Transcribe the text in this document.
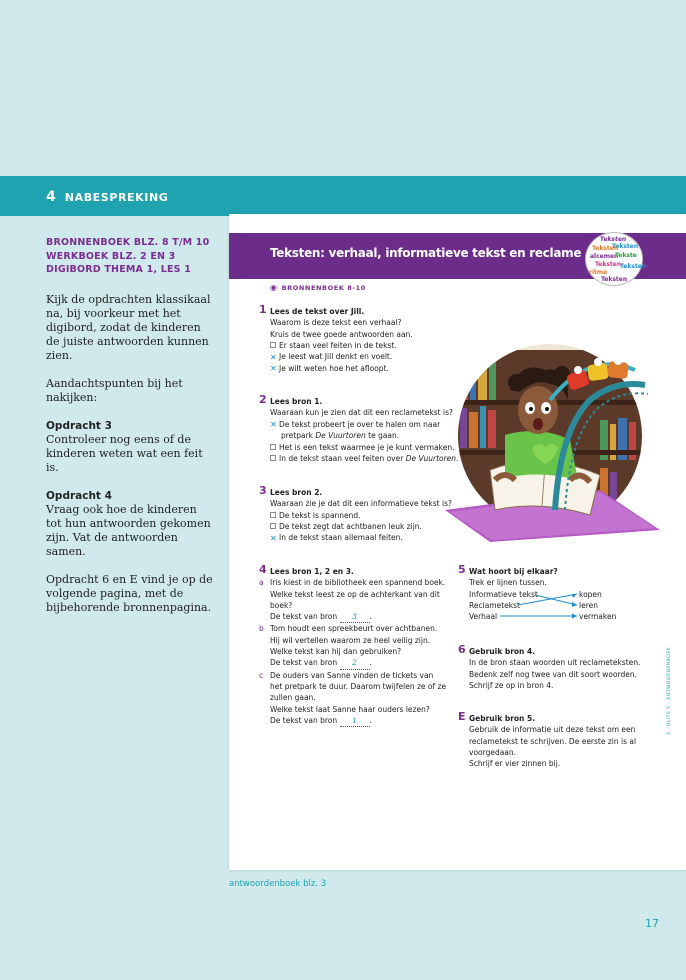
4 NABESPREKING
BRONNENBOEK BLZ. 8 T/M 10
WERKBOEK BLZ. 2 EN 3
DIGIBORD THEMA 1, LES 1

Kijk de opdrachten klassikaal na, bij voorkeur met het digibord, zodat de kinderen de juiste antwoorden kunnen zien.

Aandachtspunten bij het nakijken:

Opdracht 3

Controleer nog eens of de kinderen weten wat een feit is.

Opdracht 4

Vraag ook hoe de kinderen tot hun antwoorden gekomen zijn. Vat de antwoorden samen.

Opdracht 6 en E vind je op de volgende pagina, met de bijbehorende bronnenpagina.

Teksten: verhaal, informatieve tekst en reclame
Teksten
Teksten
Teksten
alcemen
Tekste
Teksten
Teksten
ritme
Teksten
◉ BRONNENBOEK 8-10
1 Lees de tekst over Jill.
Waarom is deze tekst een verhaal?
Kruis de twee goede antwoorden aan.
Er staan veel feiten in de tekst.
✕ Je leest wat Jill denkt en voelt.
✕ Je wilt weten hoe het afloopt.
2 Lees bron 1.
Waaraan kun je zien dat dit een reclametekst is?
✕ De tekst probeert je over te halen om naar
pretpark De Vuurtoren te gaan.
Het is een tekst waarmee je je kunt vermaken.
In de tekst staan veel feiten over De Vuurtoren.
3 Lees bron 2.
Waaraan zie je dat dit een informatieve tekst is?
De tekst is spannend.
De tekst zegt dat achtbanen leuk zijn.
✕ In de tekst staan allemaal feiten.
4 Lees bron 1, 2 en 3.
a Iris kiest in de bibliotheek een spannend boek.
Welke tekst leest ze op de achterkant van dit
boek?
De tekst van bron 3 .
b Tom houdt een spreekbeurt over achtbanen.
Hij wil vertellen waarom ze heel veilig zijn.
Welke tekst kan hij dan gebruiken?
De tekst van bron 2 .
c De ouders van Sanne vinden de tickets van
het pretpark te duur. Daarom twijfelen ze of ze
zullen gaan.
Welke tekst laat Sanne haar ouders lezen?
De tekst van bron 1 .
5 Wat hoort bij elkaar?
Trek er lijnen tussen.
Informatieve tekst
Reclametekst
Verhaal
kopen
leren
vermaken
6 Gebruik bron 4.
In de bron staan woorden uit reclameteksten.
Bedenk zelf nog twee van dit soort woorden.
Schrijf ze op in bron 4.
E Gebruik bron 5.
Gebruik de informatie uit deze tekst om een
reclametekst te schrijven. De eerste zin is al
voorgedaan.
Schrijf er vier zinnen bij.
3 · BLITS 5 · ANTWOORDENBOEK
antwoordenboek blz. 3
17
